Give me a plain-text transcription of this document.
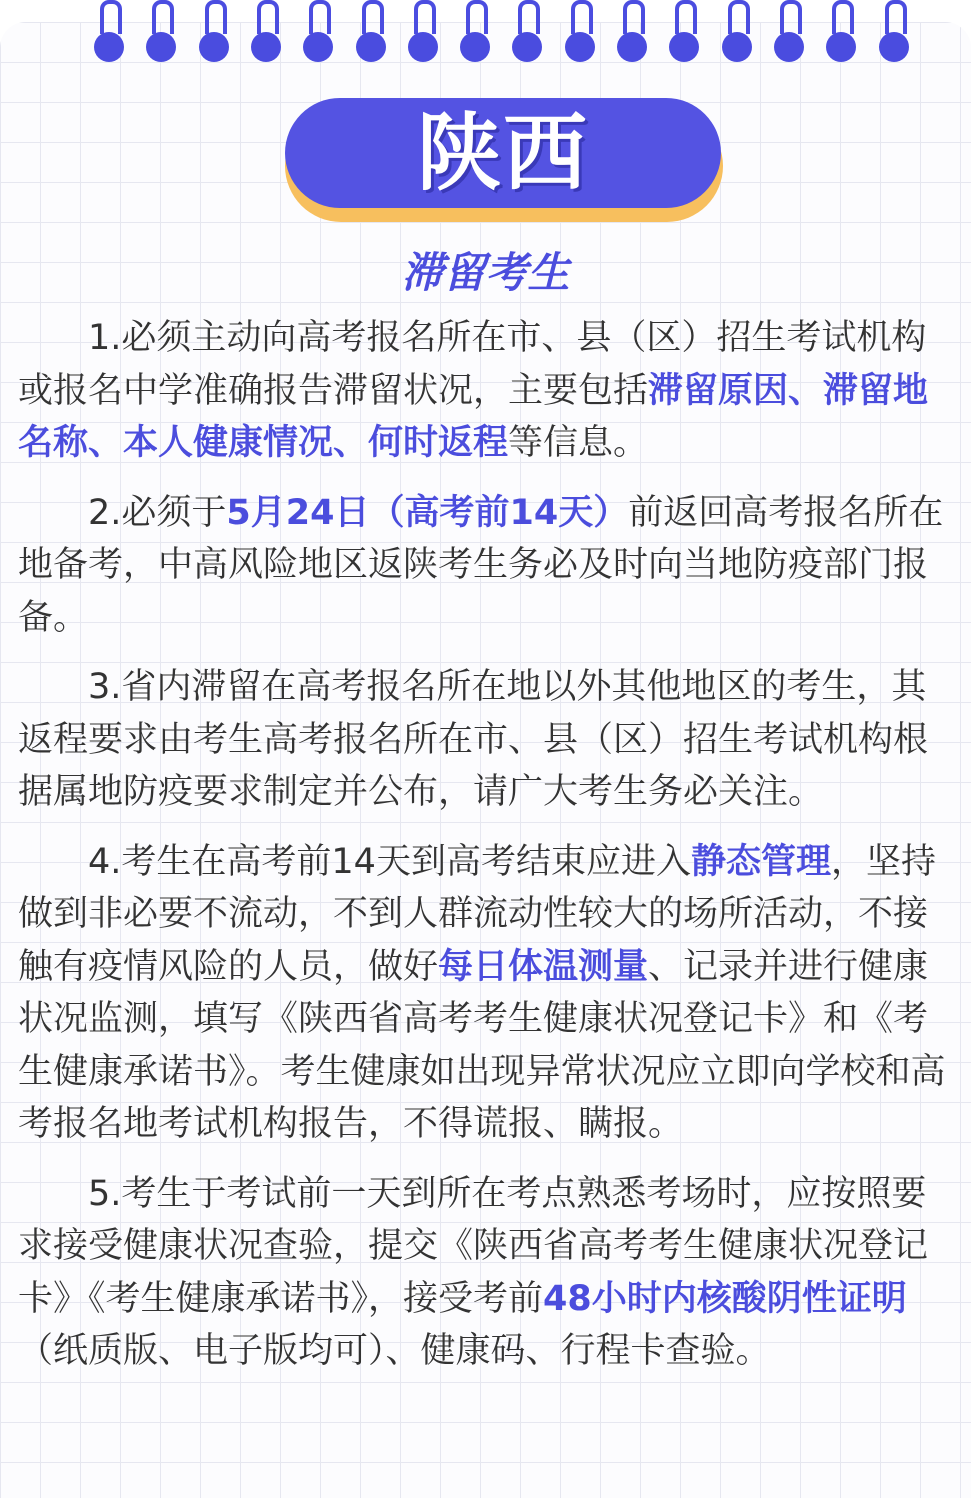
陕西
滞留考生

1.必须主动向高考报名所在市、县（区）招生考试机构或报名中学准确报告滞留状况，主要包括滞留原因、滞留地名称、本人健康情况、何时返程等信息。

2.必须于5月24日（高考前14天）前返回高考报名所在地备考，中高风险地区返陕考生务必及时向当地防疫部门报备。

3.省内滞留在高考报名所在地以外其他地区的考生，其返程要求由考生高考报名所在市、县（区）招生考试机构根据属地防疫要求制定并公布，请广大考生务必关注。

4.考生在高考前14天到高考结束应进入静态管理，坚持做到非必要不流动，不到人群流动性较大的场所活动，不接触有疫情风险的人员，做好每日体温测量、记录并进行健康状况监测，填写《陕西省高考考生健康状况登记卡》和《考生健康承诺书》。考生健康如出现异常状况应立即向学校和高考报名地考试机构报告，不得谎报、瞒报。

5.考生于考试前一天到所在考点熟悉考场时，应按照要求接受健康状况查验，提交《陕西省高考考生健康状况登记卡》《考生健康承诺书》，接受考前48小时内核酸阴性证明（纸质版、电子版均可）、健康码、行程卡查验。
